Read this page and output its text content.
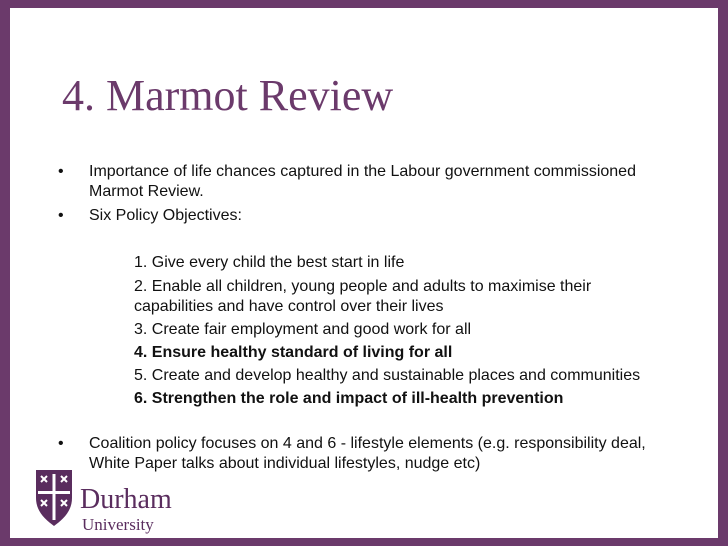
4. Marmot Review
•	Importance of life chances captured in the Labour government commissioned
Marmot Review.
•	Six Policy Objectives:
1. Give every child the best start in life
2. Enable all children, young people and adults to maximise their
capabilities and have control over their lives
3. Create fair employment and good work for all
4. Ensure healthy standard of living for all
5. Create and develop healthy and sustainable places and communities
6. Strengthen the role and impact of ill-health prevention
•	Coalition policy focuses on 4 and 6 - lifestyle elements (e.g. responsibility deal,
White Paper talks about individual lifestyles, nudge etc)
Durham
University
